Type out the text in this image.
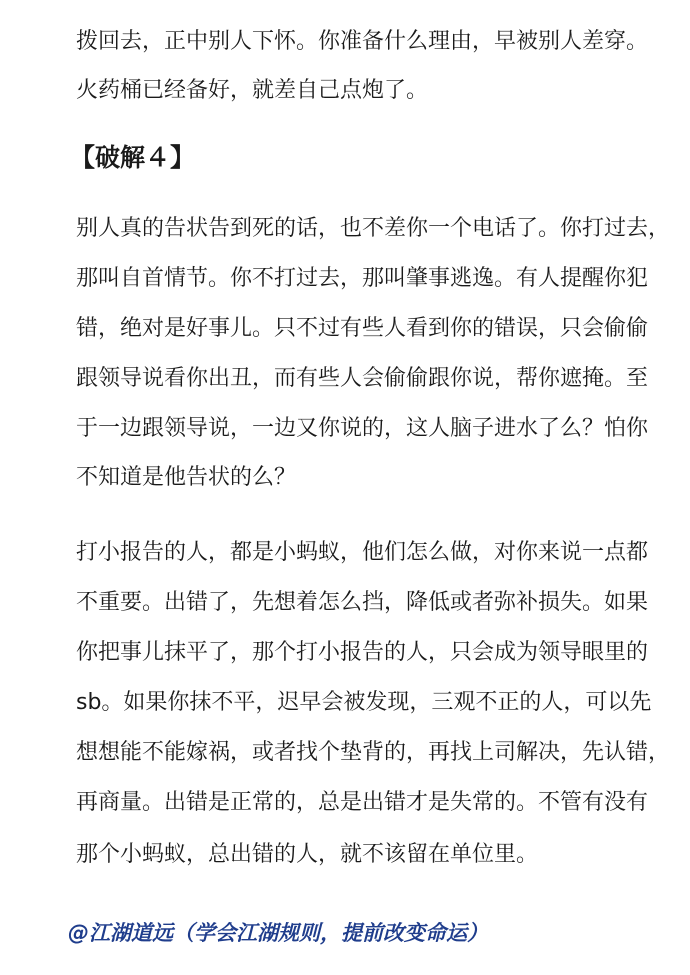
拨回去，正中别人下怀。你准备什么理由，早被别人差穿。
火药桶已经备好，就差自己点炮了。
【破解４】
别人真的告状告到死的话，也不差你一个电话了。你打过去，
那叫自首情节。你不打过去，那叫肇事逃逸。有人提醒你犯
错，绝对是好事儿。只不过有些人看到你的错误，只会偷偷
跟领导说看你出丑，而有些人会偷偷跟你说，帮你遮掩。至
于一边跟领导说，一边又你说的，这人脑子进水了么？怕你
不知道是他告状的么？
打小报告的人，都是小蚂蚁，他们怎么做，对你来说一点都
不重要。出错了，先想着怎么挡，降低或者弥补损失。如果
你把事儿抹平了，那个打小报告的人，只会成为领导眼里的
sb。如果你抹不平，迟早会被发现，三观不正的人，可以先
想想能不能嫁祸，或者找个垫背的，再找上司解决，先认错，
再商量。出错是正常的，总是出错才是失常的。不管有没有
那个小蚂蚁，总出错的人，就不该留在单位里。
@江湖道远（学会江湖规则，提前改变命运）
